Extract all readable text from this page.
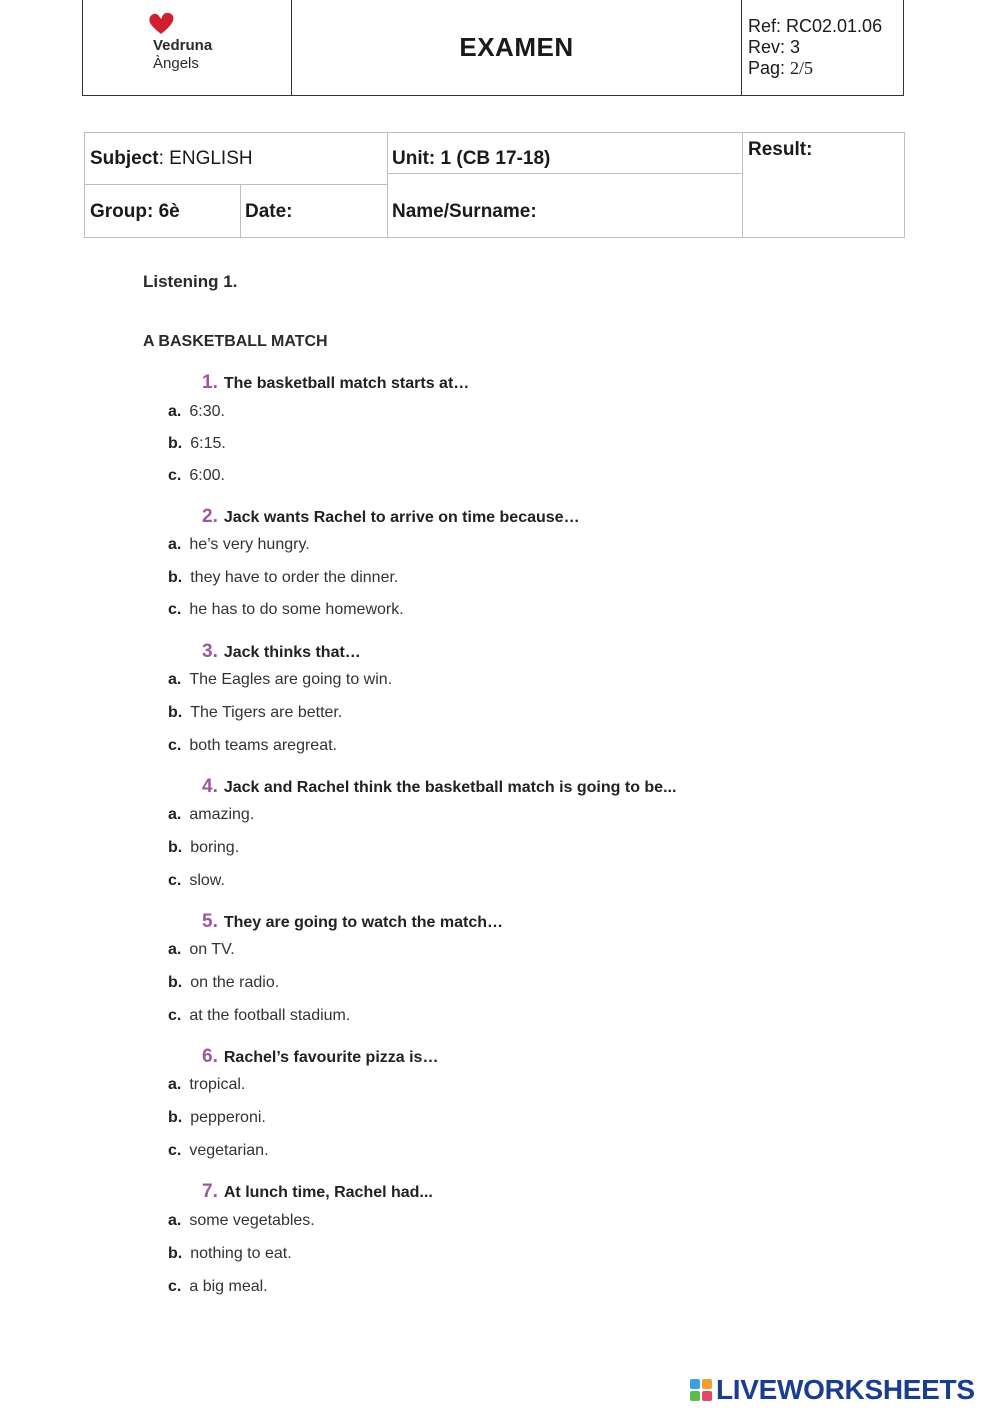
Vedruna
Àngels
EXAMEN
Ref: RC02.01.06
Rev: 3
Pag: 2/5
Subject: ENGLISH	Unit: 1 (CB 17-18)	Result:
Group: 6è	Date:	Name/Surname:
Listening 1.
A BASKETBALL MATCH
1. The basketball match starts at…
a. 6:30.
b. 6:15.
c. 6:00.
2. Jack wants Rachel to arrive on time because…
a. he’s very hungry.
b. they have to order the dinner.
c. he has to do some homework.
3. Jack thinks that…
a. The Eagles are going to win.
b. The Tigers are better.
c. both teams aregreat.
4. Jack and Rachel think the basketball match is going to be...
a. amazing.
b. boring.
c. slow.
5. They are going to watch the match…
a. on TV.
b. on the radio.
c. at the football stadium.
6. Rachel’s favourite pizza is…
a. tropical.
b. pepperoni.
c. vegetarian.
7. At lunch time, Rachel had...
a. some vegetables.
b. nothing to eat.
c. a big meal.
LIVEWORKSHEETS
